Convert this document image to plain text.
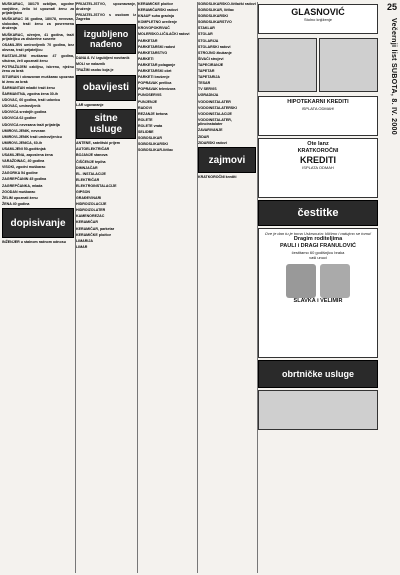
MUŠKARAC, 38/175 ozbiljan, ugodne vanjštine, želio bi upoznati ženu za prijateljstvo
MUŠKARAC 36 godina, 180/78, nevezan, slobodan, traži ženu za povremena druženja
MUŠKARAC, oženjen, 41 godina, traži prijateljicu za diskretne susrete
OSAMLJEN umirovljenik 70 godina, bez obveza, traži prijateljicu
RASTAVLJENI muškarac 47 godina, situiran, želi upoznati ženu
POTRAŽUJEM ozbiljnu, iskrenu, nježnu ženu za brak
SITUIRAN i obrazovan muškarac upoznao bi ženu za brak
ŠARMANTAN mladić traži ženu
ŠARMANTNA, zgodna žena 30-ih
UDOVAC, 60 godina, traži udovicu
UDOVAC, umirovljenik
UDOVICA srednjih godina
UDOVICA 62 godine
UDOVICA nevezana traži prijatelja
UMIROVLJENIK, nevezan
UMIROVLJENIK traži umirovljenicu
UMIROVLJENICA, 60-ih
USAMLJENI 50-godišnjak
USAMLJENA, zaposlena žena
VARAŽDINAC, 40 godina
VISOKI, zgodni muškarac
ZAGORKA 54 godine
ZAGREPČANIN 45 godina
ZAGREPČANKA, mlada
ZGODAN muškarac
ŽELIM upoznati ženu
ŽENA 40 godina
dopisivanje
INŽENJER u stalnom radnom odnosu
PRIJATELJSTVO, upoznavanje, druženje
PRIJATELJSTVO s osobom iz Zagreba
izgubljeno nađeno
DANA 8. IV. izgubljeni novčanik
MOLI se nalaznik
TRAŽIM osobu koja je
obavijesti
LAR ugovaranje
sitne usluge
ANTENE, satelitski prijem
AUTOELEKTRIČAR
BOJANJE stanova
ČIŠĆENJE tepiha
DIMNJAČAR
EL. INSTALACIJE
ELEKTRIČAR
ELEKTROINSTALACIJE
GIPSON
GRAĐEVINARI
HIDROIZOLACIJE
HIDROIZOLATER
KAMENOREZAC
KERAMIČAR
KERAMIČAR, parketar
KERAMIČKE pločice
LIMARIJA
LIMAR
KERAMIČKE pločice
KERAMIČARSKI radovi
KNAUF suha gradnja
KOMPLETNO uređenje
KROVOPOKRIVAČ
MOLERSKO-LIČILAČKI radovi
PARKETAR
PARKETARSKI radovi
PARKETARSTVO
PARKETI
PARKETAR polaganje
PARKETARSKI obrt
PARKETI brušenje
POPRAVAK perilica
POPRAVAK televizora
PUNOSERVIS
PUNJENJE
RADOVI
REZANJE betona
ROLETE
ROLETE vrata
SELIDBE
SOBOSLIKAR
SOBOSLIKARSKI
SOBOSLIKAR-ličilac
SOBOSLIKARSKO-ličilački radovi
SOBOSLIKAR, ličilac
SOBOSLIKARSKI
SOBOSLIKARSTVO
STAKLAR
STOLAR
STOLARIJA
STOLARSKI radovi
STROJNO žbukanje
ŠIVAĆI strojevi
TAPECIRANJE
TAPETAR
TAPETARIJA
TESAR
TV SERVIS
UGRADNJA
VODOINSTALATER
VODOINSTALATERSKI
VODOINSTALACIJE
VODOINSTALATER, plinoinstalater
ZAVARIVANJE
ZIDAR
ZIDARSKI radovi
zajmovi
KRATKOROČNI krediti
GLASNOVIĆ
Stolno knjiženje
HIPOTEKARNI KREDITI
ISPLATA ODMAH!
Ote lanz
KRATKOROČNI
KREDITI
ISPLATA ODMAH
čestitke
Ove je dan tu je toma Uskrsnuća: kličimo i radujmo se tomu!
Dragim roditeljima
PAULI i DRAGI FRANULOVIĆ
čestitamo 60 godišnjicu braka
vaši unuci
SLAVKA i VELIMIR
obrtničke usluge
25
Večernji list SUBOTA, 8. IV. 2000
